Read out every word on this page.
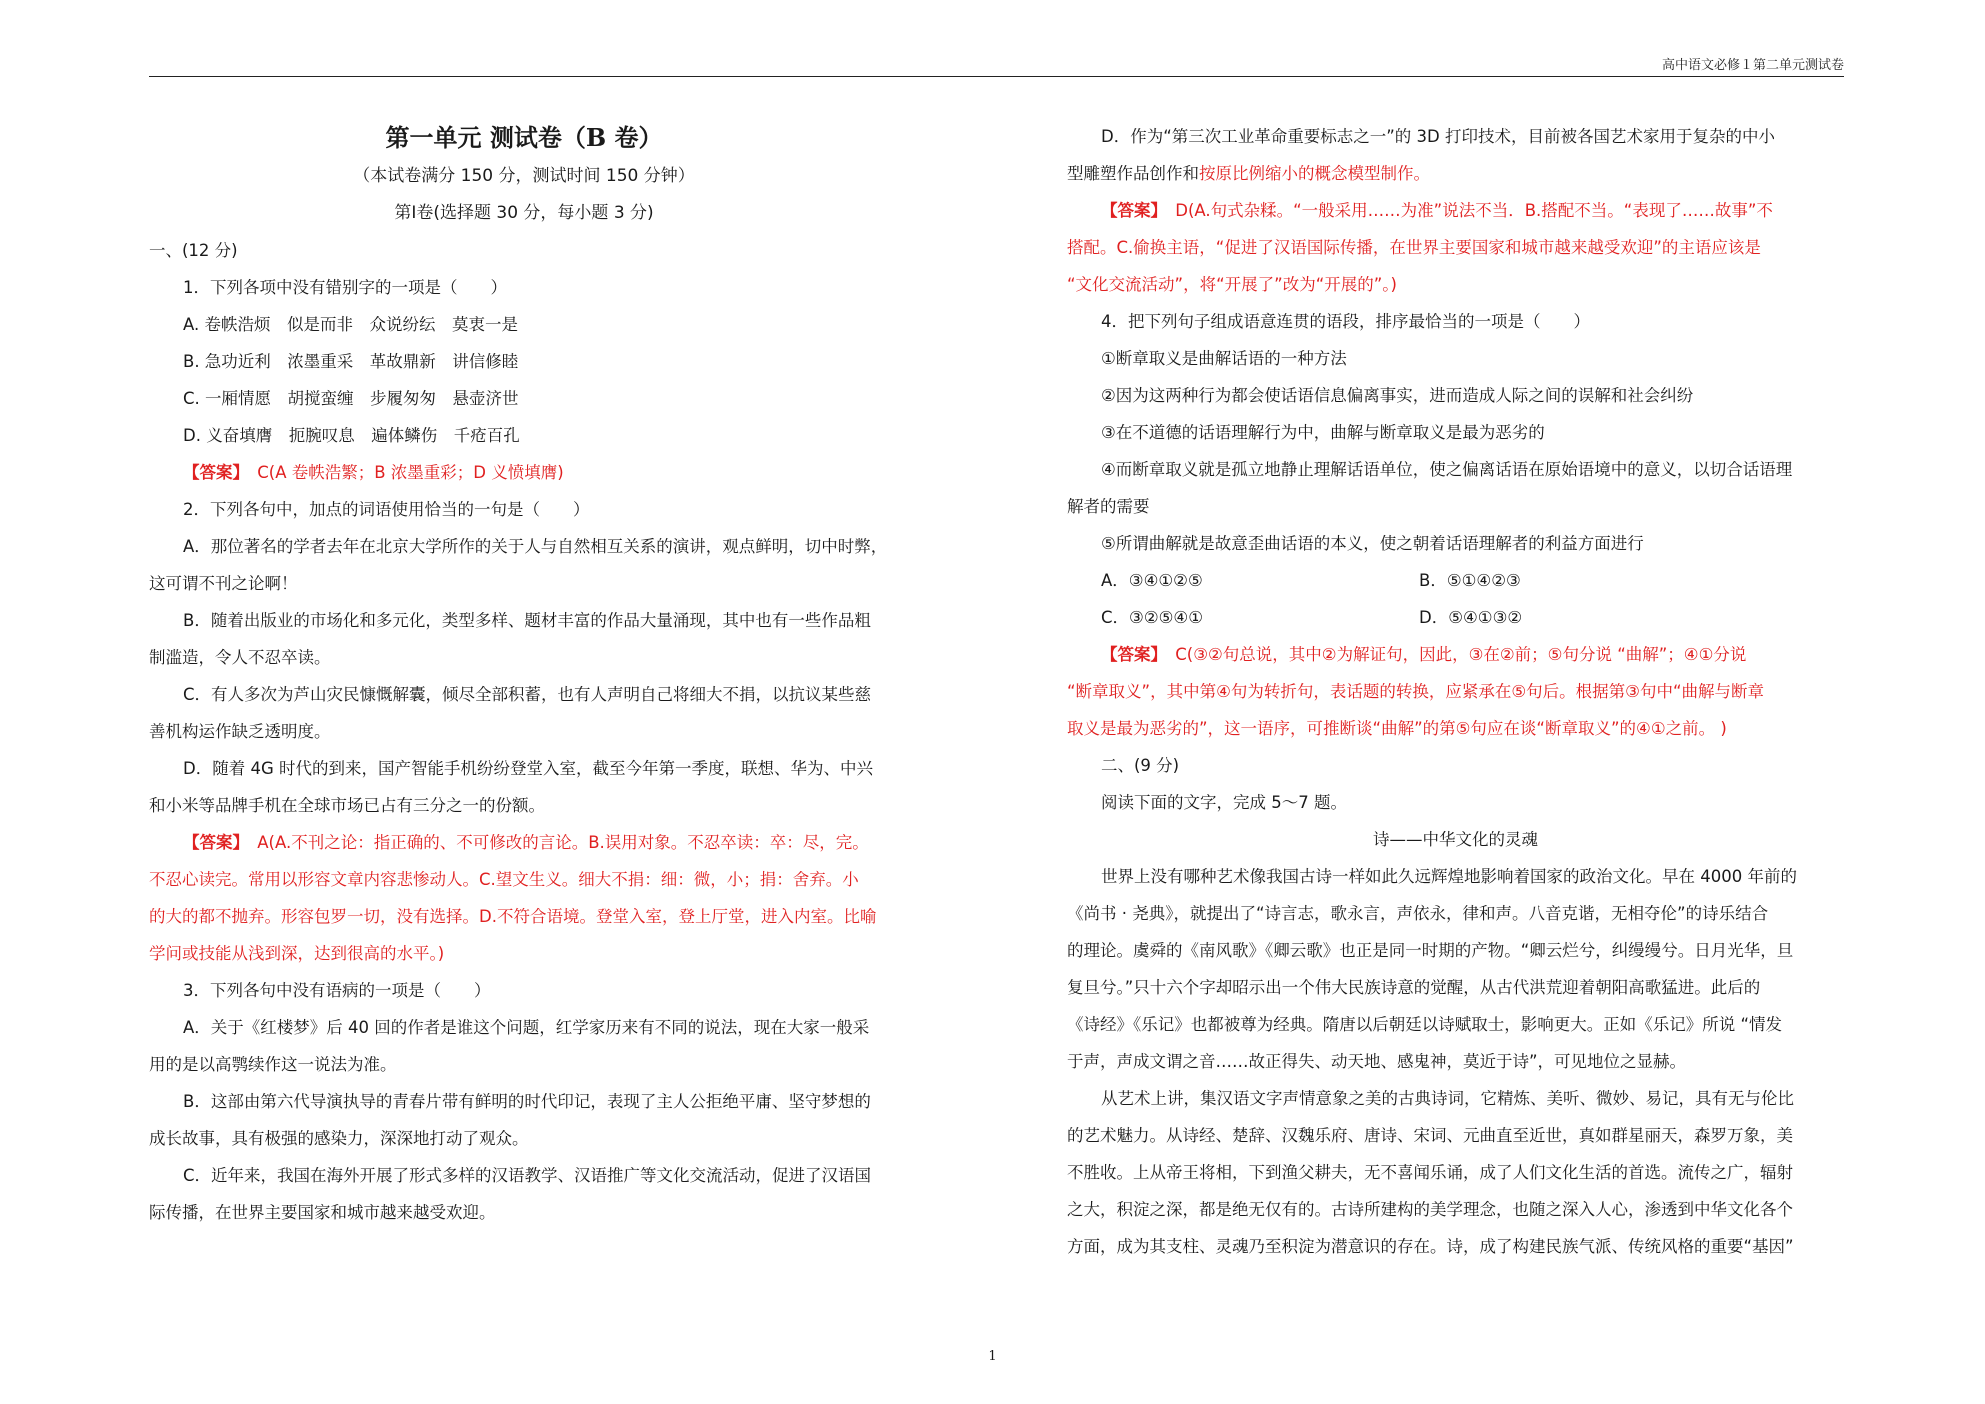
高中语文必修１第二单元测试卷
第一单元 测试卷（B 卷）
（本试卷满分 150 分，测试时间 150 分钟）
第Ⅰ卷(选择题 30 分，每小题 3 分)
一、(12 分)
1．下列各项中没有错别字的一项是（　　）
A. 卷帙浩烦　似是而非　众说纷纭　莫衷一是
B. 急功近利　浓墨重采　革故鼎新　讲信修睦
C. 一厢情愿　胡搅蛮缠　步履匆匆　悬壶济世
D. 义奋填膺　扼腕叹息　遍体鳞伤　千疮百孔
【答案】　C(A 卷帙浩繁；B 浓墨重彩；D 义愤填膺)
2．下列各句中，加点的词语使用恰当的一句是（　　）
A．那位著名的学者去年在北京大学所作的关于人与自然相互关系的演讲，观点鲜明，切中时弊，
这可谓不刊之论啊！
B．随着出版业的市场化和多元化，类型多样、题材丰富的作品大量涌现，其中也有一些作品粗
制滥造，令人不忍卒读。
C．有人多次为芦山灾民慷慨解囊，倾尽全部积蓄，也有人声明自己将细大不捐，以抗议某些慈
善机构运作缺乏透明度。
D．随着 4G 时代的到来，国产智能手机纷纷登堂入室，截至今年第一季度，联想、华为、中兴
和小米等品牌手机在全球市场已占有三分之一的份额。
【答案】　A(A.不刊之论：指正确的、不可修改的言论。B.误用对象。不忍卒读：卒：尽，完。
不忍心读完。常用以形容文章内容悲惨动人。C.望文生义。细大不捐：细：微，小；捐：舍弃。小
的大的都不抛弃。形容包罗一切，没有选择。D.不符合语境。登堂入室，登上厅堂，进入内室。比喻
学问或技能从浅到深，达到很高的水平。)
3．下列各句中没有语病的一项是（　　）
A．关于《红楼梦》后 40 回的作者是谁这个问题，红学家历来有不同的说法，现在大家一般采
用的是以高鹗续作这一说法为准。
B．这部由第六代导演执导的青春片带有鲜明的时代印记，表现了主人公拒绝平庸、坚守梦想的
成长故事，具有极强的感染力，深深地打动了观众。
C．近年来，我国在海外开展了形式多样的汉语教学、汉语推广等文化交流活动，促进了汉语国
际传播，在世界主要国家和城市越来越受欢迎。
D．作为“第三次工业革命重要标志之一”的 3D 打印技术，目前被各国艺术家用于复杂的中小
型雕塑作品创作和按原比例缩小的概念模型制作。
【答案】　D(A.句式杂糅。“一般采用……为准”说法不当．B.搭配不当。“表现了……故事”不
搭配。C.偷换主语，“促进了汉语国际传播，在世界主要国家和城市越来越受欢迎”的主语应该是
“文化交流活动”，将“开展了”改为“开展的”。)
4．把下列句子组成语意连贯的语段，排序最恰当的一项是（　　）
①断章取义是曲解话语的一种方法
②因为这两种行为都会使话语信息偏离事实，进而造成人际之间的误解和社会纠纷
③在不道德的话语理解行为中，曲解与断章取义是最为恶劣的
④而断章取义就是孤立地静止理解话语单位，使之偏离话语在原始语境中的意义，以切合话语理
解者的需要
⑤所谓曲解就是故意歪曲话语的本义，使之朝着话语理解者的利益方面进行
A．③④①②⑤	B．⑤①④②③
C．③②⑤④①	D．⑤④①③②
【答案】　C(③②句总说，其中②为解证句，因此，③在②前；⑤句分说 “曲解”；④①分说
“断章取义”，其中第④句为转折句，表话题的转换，应紧承在⑤句后。根据第③句中“曲解与断章
取义是最为恶劣的”，这一语序，可推断谈“曲解”的第⑤句应在谈“断章取义”的④①之前。 )
二、(9 分)
阅读下面的文字，完成 5～7 题。
诗——中华文化的灵魂
世界上没有哪种艺术像我国古诗一样如此久远辉煌地影响着国家的政治文化。早在 4000 年前的
《尚书 · 尧典》，就提出了“诗言志，歌永言，声依永，律和声。八音克谐，无相夺伦”的诗乐结合
的理论。虞舜的《南风歌》《卿云歌》也正是同一时期的产物。“卿云烂兮，纠缦缦兮。日月光华，旦
复旦兮。”只十六个字却昭示出一个伟大民族诗意的觉醒，从古代洪荒迎着朝阳高歌猛进。此后的
《诗经》《乐记》也都被尊为经典。隋唐以后朝廷以诗赋取士，影响更大。正如《乐记》所说 “情发
于声，声成文谓之音……故正得失、动天地、感鬼神，莫近于诗”，可见地位之显赫。
从艺术上讲，集汉语文字声情意象之美的古典诗词，它精炼、美听、微妙、易记，具有无与伦比
的艺术魅力。从诗经、楚辞、汉魏乐府、唐诗、宋词、元曲直至近世，真如群星丽天，森罗万象，美
不胜收。上从帝王将相，下到渔父耕夫，无不喜闻乐诵，成了人们文化生活的首选。流传之广，辐射
之大，积淀之深，都是绝无仅有的。古诗所建构的美学理念，也随之深入人心，渗透到中华文化各个
方面，成为其支柱、灵魂乃至积淀为潜意识的存在。诗，成了构建民族气派、传统风格的重要“基因”
1
